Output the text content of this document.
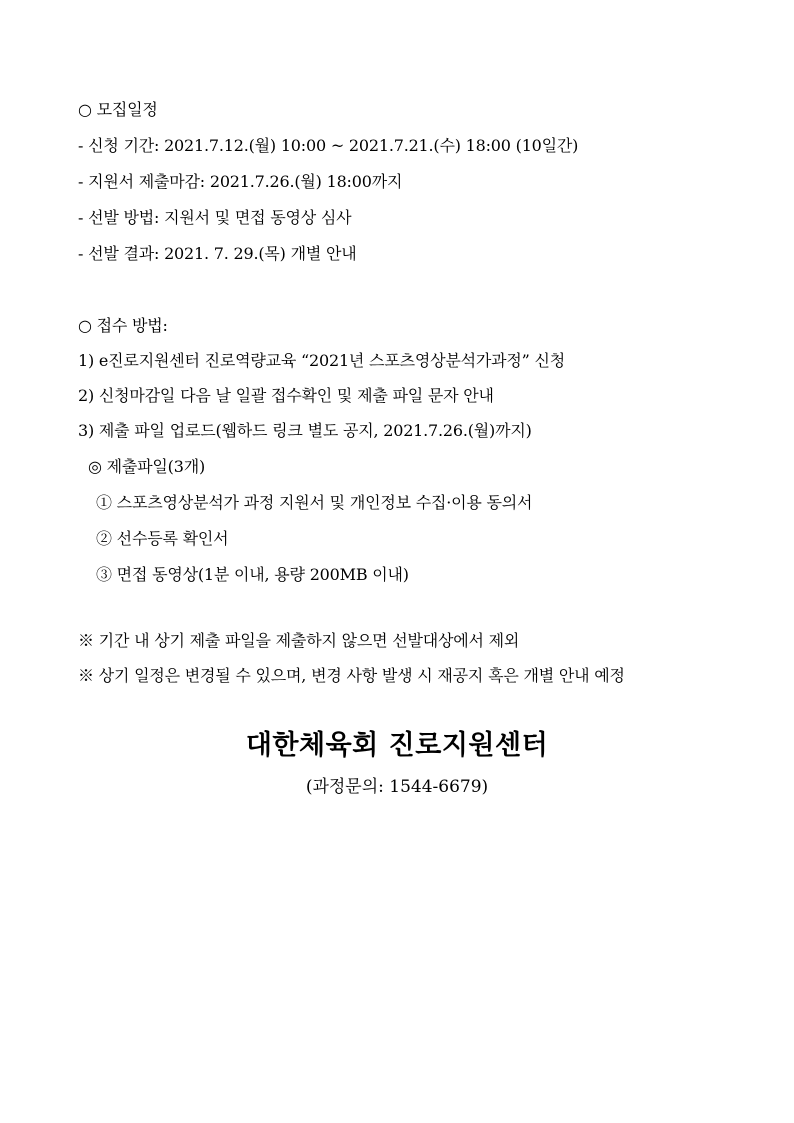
○ 모집일정
- 신청 기간: 2021.7.12.(월) 10:00 ~ 2021.7.21.(수) 18:00 (10일간)
- 지원서 제출마감: 2021.7.26.(월) 18:00까지
- 선발 방법: 지원서 및 면접 동영상 심사
- 선발 결과: 2021. 7. 29.(목) 개별 안내
○ 접수 방법:
1) e진로지원센터 진로역량교육 “2021년 스포츠영상분석가과정” 신청
2) 신청마감일 다음 날 일괄 접수확인 및 제출 파일 문자 안내
3) 제출 파일 업로드(웹하드 링크 별도 공지, 2021.7.26.(월)까지)
◎ 제출파일(3개)
① 스포츠영상분석가 과정 지원서 및 개인정보 수집·이용 동의서
② 선수등록 확인서
③ 면접 동영상(1분 이내, 용량 200MB 이내)
※ 기간 내 상기 제출 파일을 제출하지 않으면 선발대상에서 제외
※ 상기 일정은 변경될 수 있으며, 변경 사항 발생 시 재공지 혹은 개별 안내 예정
대한체육회 진로지원센터
(과정문의: 1544-6679)
